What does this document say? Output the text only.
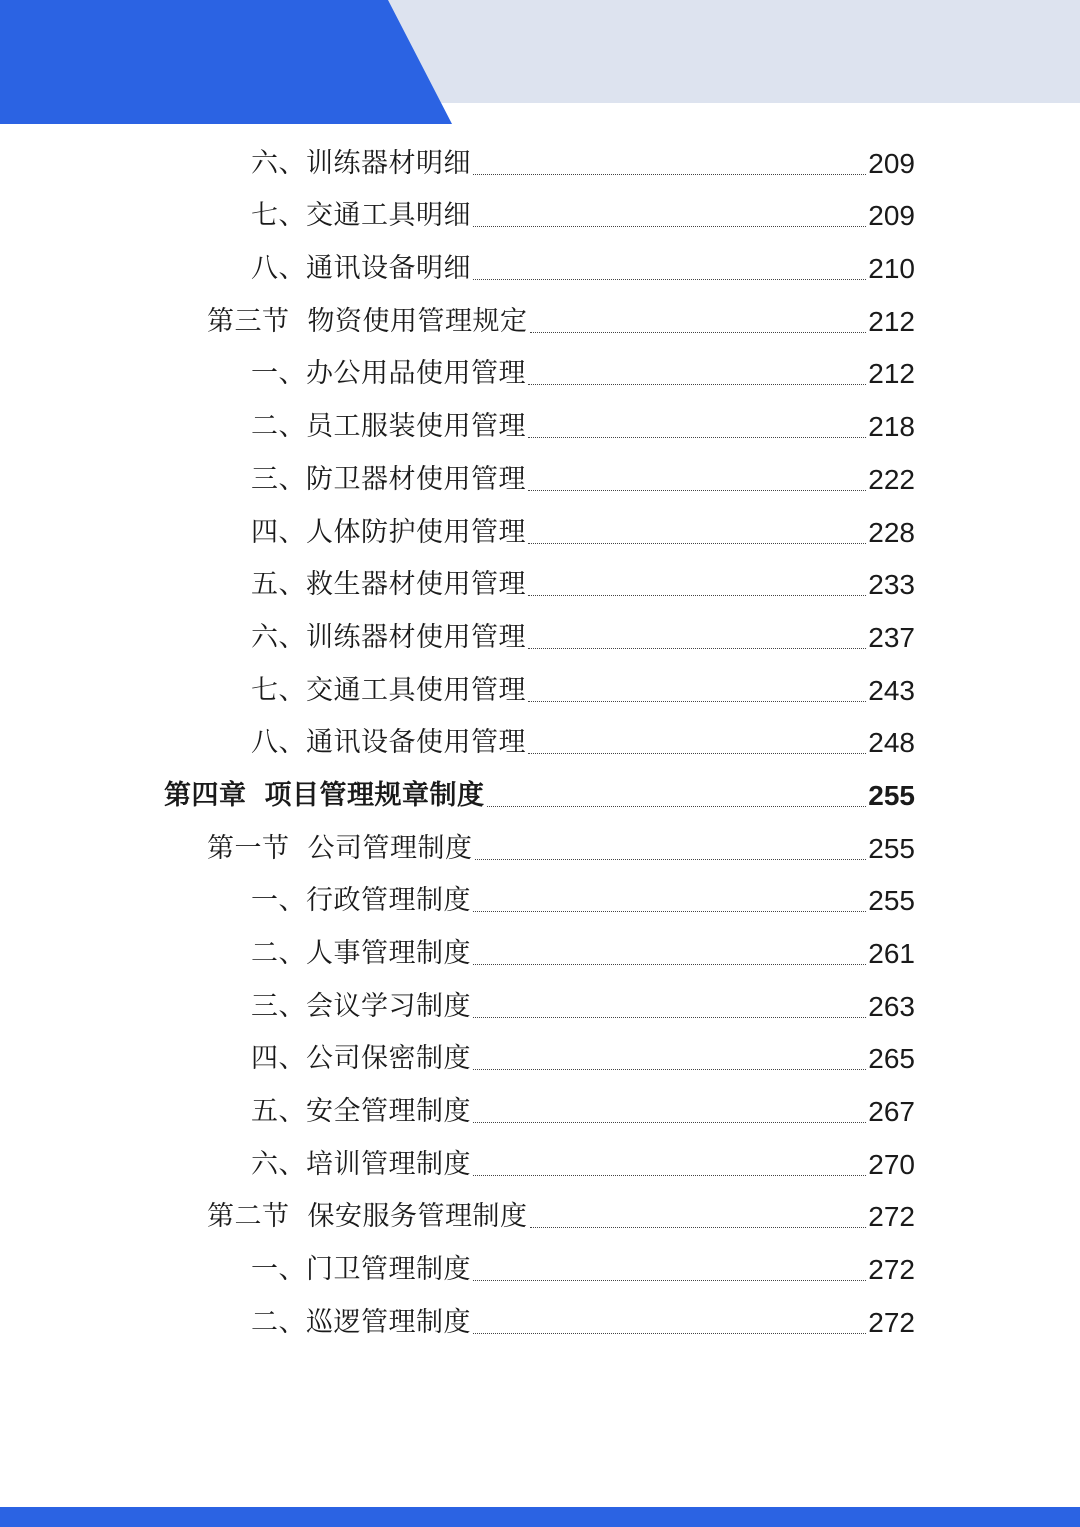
六、训练器材明细	209
七、交通工具明细	209
八、通讯设备明细	210
第三节 物资使用管理规定	212
一、办公用品使用管理	212
二、员工服装使用管理	218
三、防卫器材使用管理	222
四、人体防护使用管理	228
五、救生器材使用管理	233
六、训练器材使用管理	237
七、交通工具使用管理	243
八、通讯设备使用管理	248
第四章 项目管理规章制度	255
第一节 公司管理制度	255
一、行政管理制度	255
二、人事管理制度	261
三、会议学习制度	263
四、公司保密制度	265
五、安全管理制度	267
六、培训管理制度	270
第二节 保安服务管理制度	272
一、门卫管理制度	272
二、巡逻管理制度	272
